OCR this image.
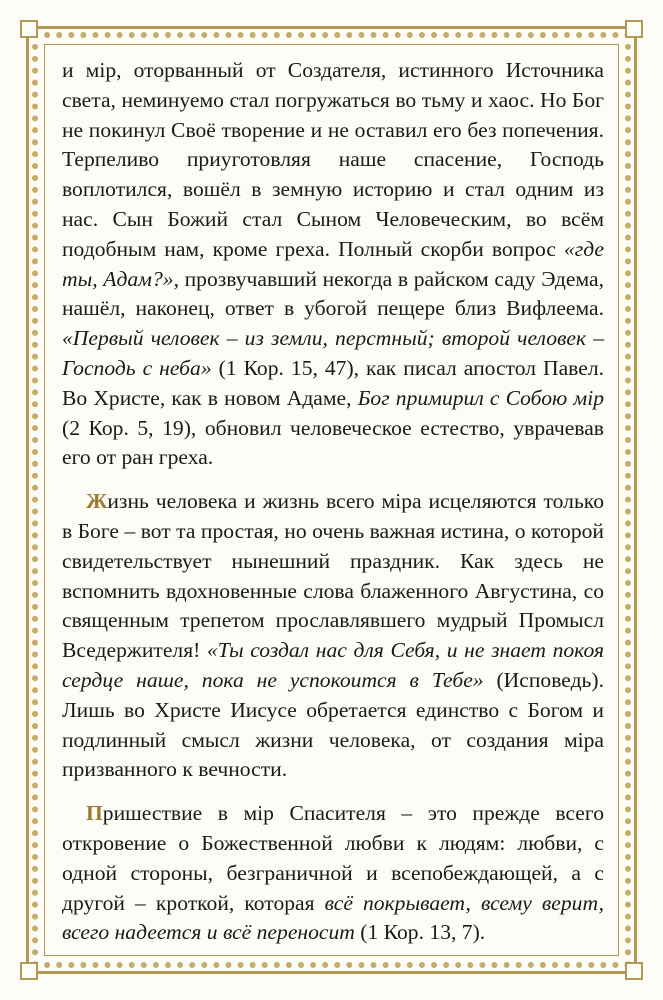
и мір, оторванный от Создателя, истинного Источника света, неминуемо стал погружаться во тьму и хаос. Но Бог не покинул Своё творение и не оставил его без попечения. Терпеливо приуготовляя наше спасение, Господь воплотился, вошёл в земную историю и стал одним из нас. Сын Божий стал Сыном Человеческим, во всём подобным нам, кроме греха. Полный скорби вопрос «где ты, Адам?», прозвучавший некогда в райском саду Эдема, нашёл, наконец, ответ в убогой пещере близ Вифлеема. «Первый человек – из земли, перстный; второй человек – Господь с неба» (1 Кор. 15, 47), как писал апостол Павел. Во Христе, как в новом Адаме, Бог примирил с Собою мір (2 Кор. 5, 19), обновил человеческое естество, уврачевав его от ран греха.

Жизнь человека и жизнь всего міра исцеляются только в Боге – вот та простая, но очень важная истина, о которой свидетельствует нынешний праздник. Как здесь не вспомнить вдохновенные слова блаженного Августина, со священным трепетом прославлявшего мудрый Промысл Вседержителя! «Ты создал нас для Себя, и не знает покоя сердце наше, пока не успокоится в Тебе» (Исповедь). Лишь во Христе Иисусе обретается единство с Богом и подлинный смысл жизни человека, от создания міра призванного к вечности.

Пришествие в мір Спасителя – это прежде всего откровение о Божественной любви к людям: любви, с одной стороны, безграничной и всепобеждающей, а с другой – кроткой, которая всё покрывает, всему верит, всего надеется и всё переносит (1 Кор. 13, 7).
